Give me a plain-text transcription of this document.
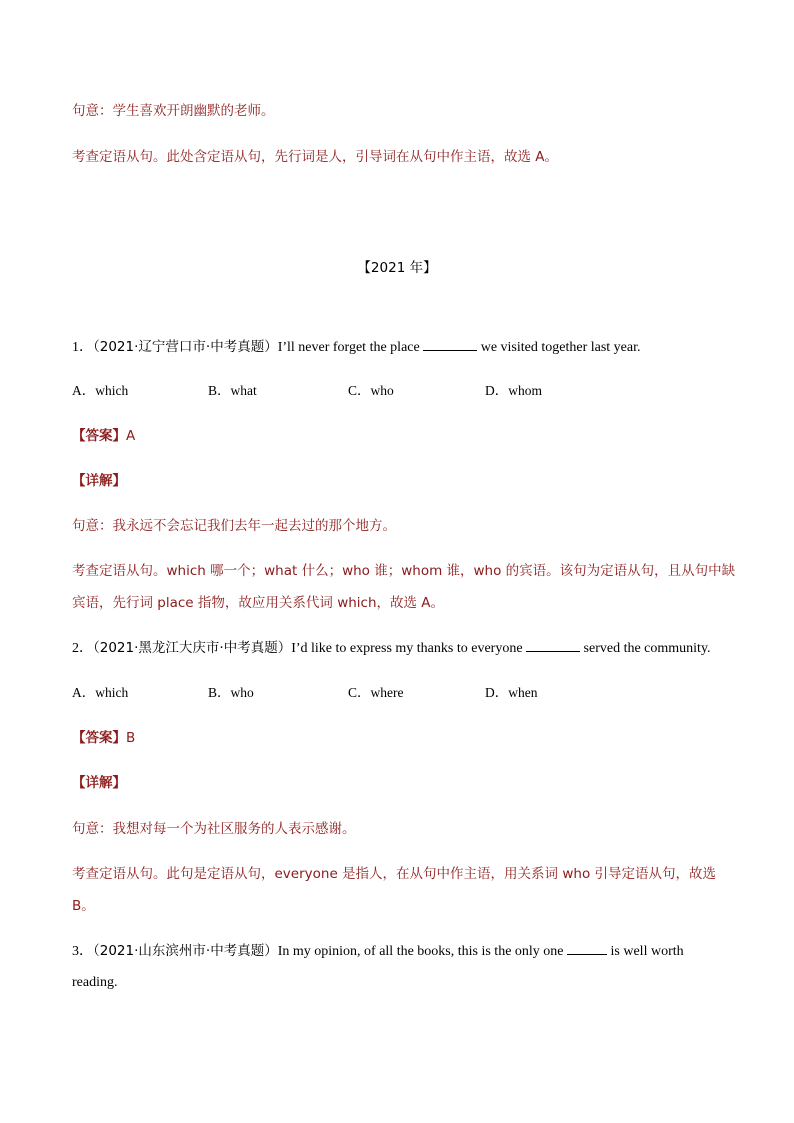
句意：学生喜欢开朗幽默的老师。
考查定语从句。此处含定语从句，先行词是人，引导词在从句中作主语，故选 A。
【2021 年】
1．（2021·辽宁营口市·中考真题）I’ll never forget the place	we visited together last year.
A．which	B．what	C．who	D．whom
【答案】A
【详解】
句意：我永远不会忘记我们去年一起去过的那个地方。
考查定语从句。which 哪一个；what 什么；who 谁；whom 谁，who 的宾语。该句为定语从句，且从句中缺
宾语，先行词 place 指物，故应用关系代词 which，故选 A。
2．（2021·黑龙江大庆市·中考真题）I’d like to express my thanks to everyone	served the community.
A．which	B．who	C．where	D．when
【答案】B
【详解】
句意：我想对每一个为社区服务的人表示感谢。
考查定语从句。此句是定语从句，everyone 是指人，在从句中作主语，用关系词 who 引导定语从句，故选
B。
3．（2021·山东滨州市·中考真题）In my opinion, of all the books, this is the only one	is well worth
reading.
